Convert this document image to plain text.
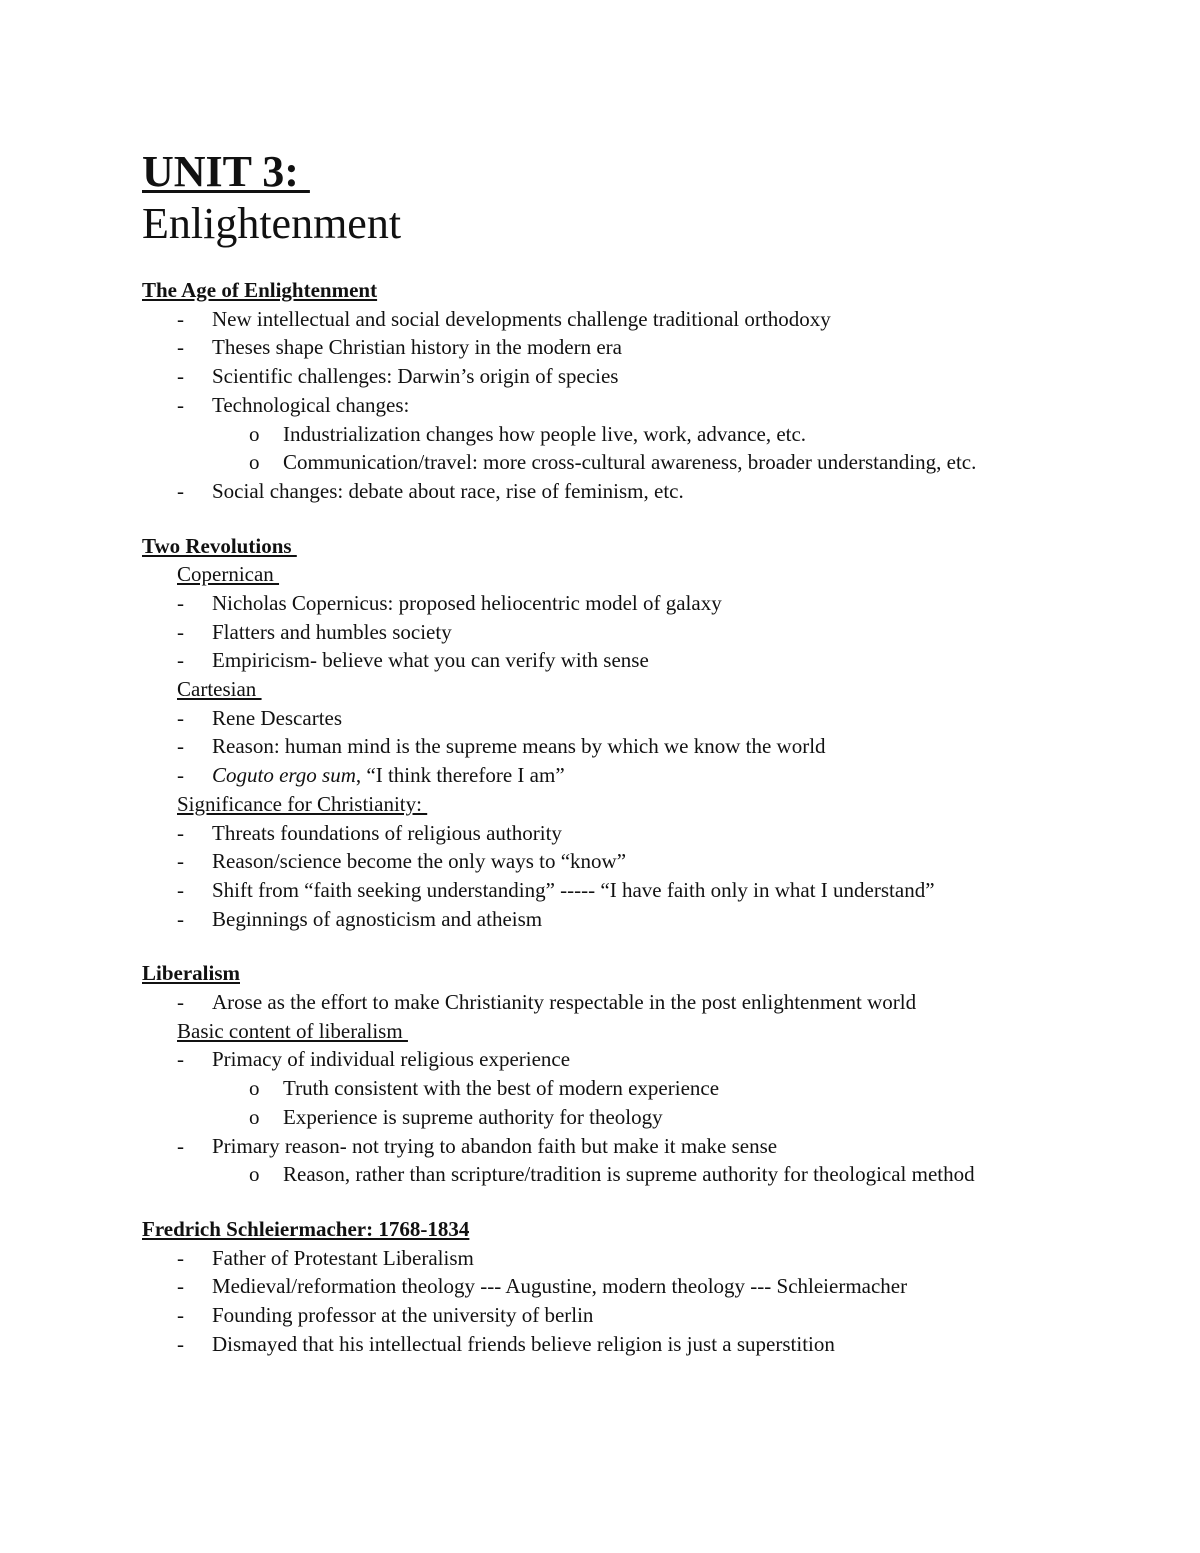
UNIT 3:
Enlightenment
The Age of Enlightenment
- New intellectual and social developments challenge traditional orthodoxy
- Theses shape Christian history in the modern era
- Scientific challenges: Darwin’s origin of species
- Technological changes:
o Industrialization changes how people live, work, advance, etc.
o Communication/travel: more cross-cultural awareness, broader understanding, etc.
- Social changes: debate about race, rise of feminism, etc.
Two Revolutions
Copernican
- Nicholas Copernicus: proposed heliocentric model of galaxy
- Flatters and humbles society
- Empiricism- believe what you can verify with sense
Cartesian
- Rene Descartes
- Reason: human mind is the supreme means by which we know the world
- Coguto ergo sum, “I think therefore I am”
Significance for Christianity:
- Threats foundations of religious authority
- Reason/science become the only ways to “know”
- Shift from “faith seeking understanding” ----- “I have faith only in what I understand”
- Beginnings of agnosticism and atheism
Liberalism
- Arose as the effort to make Christianity respectable in the post enlightenment world
Basic content of liberalism
- Primacy of individual religious experience
o Truth consistent with the best of modern experience
o Experience is supreme authority for theology
- Primary reason- not trying to abandon faith but make it make sense
o Reason, rather than scripture/tradition is supreme authority for theological method
Fredrich Schleiermacher: 1768-1834
- Father of Protestant Liberalism
- Medieval/reformation theology --- Augustine, modern theology --- Schleiermacher
- Founding professor at the university of berlin
- Dismayed that his intellectual friends believe religion is just a superstition
